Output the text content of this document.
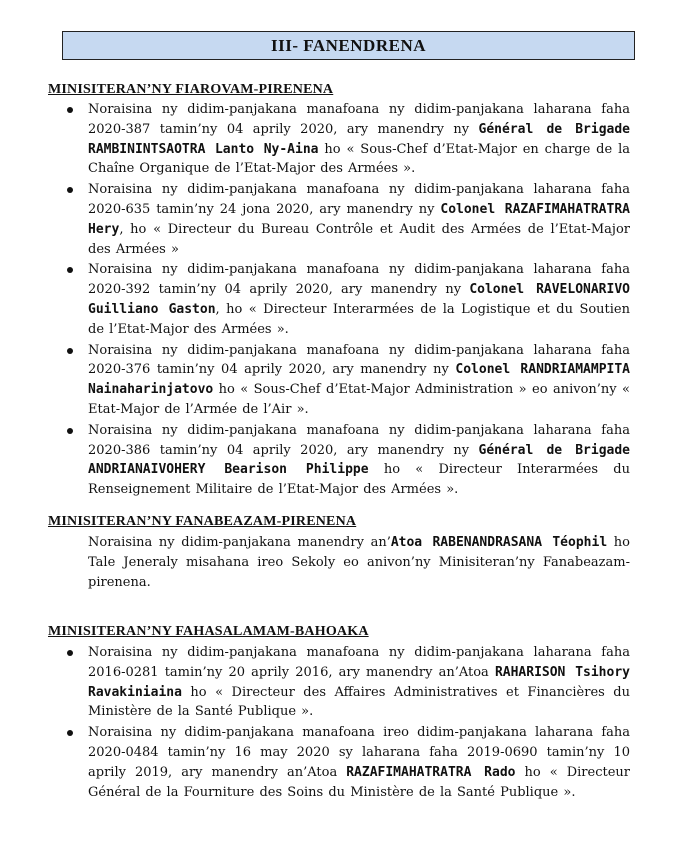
III- FANENDRENA
MINISITERAN’NY FIAROVAM-PIRENENA
Noraisina ny didim-panjakana manafoana ny didim-panjakana laharana faha 2020-387 tamin’ny 04 aprily 2020, ary manendry ny Général de Brigade RAMBININTSAOTRA Lanto Ny-Aina ho « Sous-Chef d’Etat-Major en charge de la Chaîne Organique de l’Etat-Major des Armées ».
Noraisina ny didim-panjakana manafoana ny didim-panjakana laharana faha 2020-635 tamin’ny 24 jona 2020, ary manendry ny Colonel RAZAFIMAHATRATRA Hery, ho « Directeur du Bureau Contrôle et Audit des Armées de l’Etat-Major des Armées »
Noraisina ny didim-panjakana manafoana ny didim-panjakana laharana faha 2020-392 tamin’ny 04 aprily 2020, ary manendry ny Colonel RAVELONARIVO Guilliano Gaston, ho « Directeur Interarmées de la Logistique et du Soutien de l’Etat-Major des Armées ».
Noraisina ny didim-panjakana manafoana ny didim-panjakana laharana faha 2020-376 tamin’ny 04 aprily 2020, ary manendry ny Colonel RANDRIAMAMPITA Nainaharinjatovo ho « Sous-Chef d’Etat-Major Administration » eo anivon’ny « Etat-Major de l’Armée de l’Air ».
Noraisina ny didim-panjakana manafoana ny didim-panjakana laharana faha 2020-386 tamin’ny 04 aprily 2020, ary manendry ny Général de Brigade ANDRIANAIVOHERY Bearison Philippe ho « Directeur Interarmées du Renseignement Militaire de l’Etat-Major des Armées ».
MINISITERAN’NY FANABEAZAM-PIRENENA
Noraisina ny didim-panjakana manendry an’Atoa RABENANDRASANA Téophil ho Tale Jeneraly misahana ireo Sekoly eo anivon’ny Minisiteran’ny Fanabeazam-pirenena.
MINISITERAN’NY FAHASALAMAM-BAHOAKA
Noraisina ny didim-panjakana manafoana ny didim-panjakana laharana faha 2016-0281 tamin’ny 20 aprily 2016, ary manendry an’Atoa RAHARISON Tsihory Ravakiniaina ho « Directeur des Affaires Administratives et Financières du Ministère de la Santé Publique ».
Noraisina ny didim-panjakana manafoana ireo didim-panjakana laharana faha 2020-0484 tamin’ny 16 may 2020 sy laharana faha 2019-0690 tamin’ny 10 aprily 2019, ary manendry an’Atoa RAZAFIMAHATRATRA Rado ho « Directeur Général de la Fourniture des Soins du Ministère de la Santé Publique ».
